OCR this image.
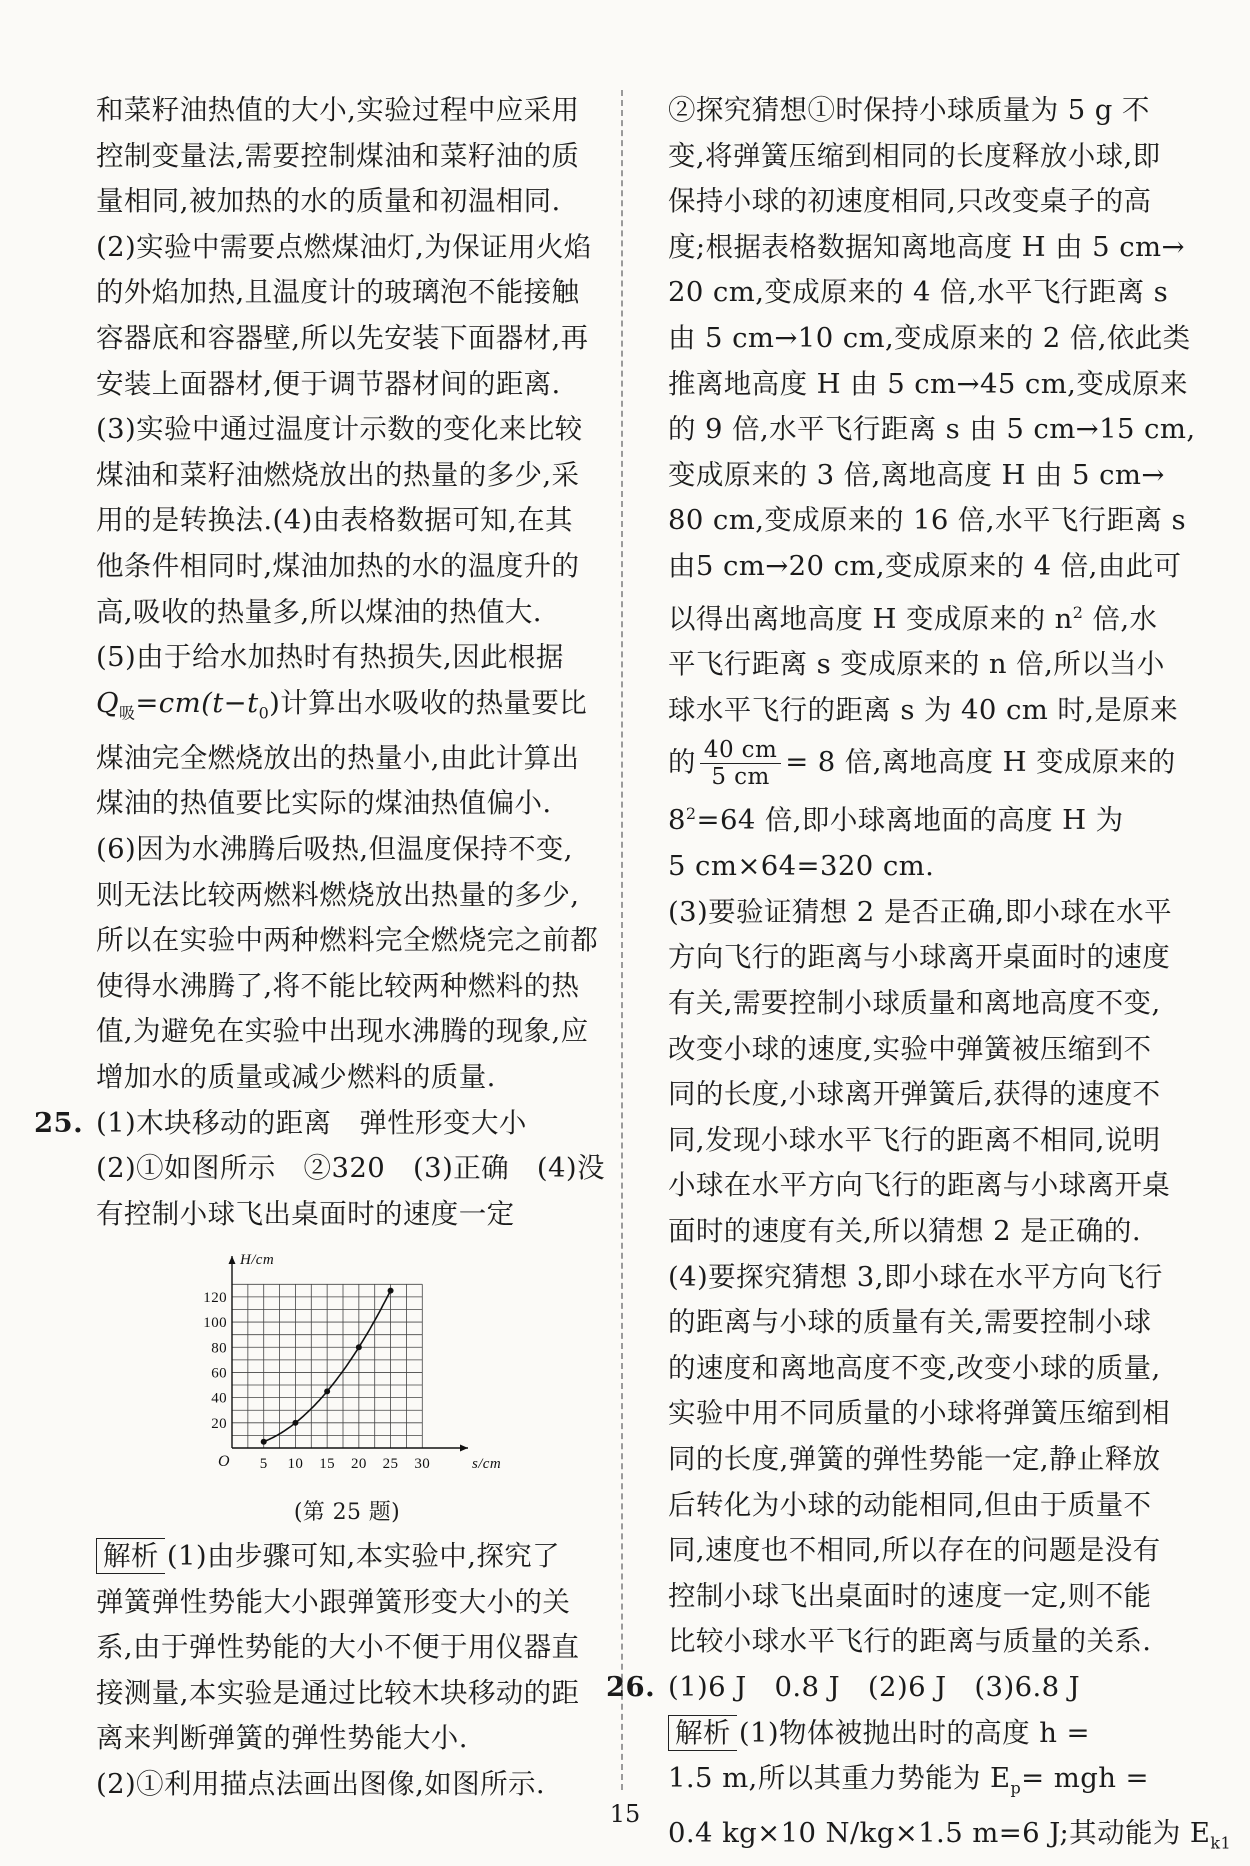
和菜籽油热值的大小,实验过程中应采用
控制变量法,需要控制煤油和菜籽油的质
量相同,被加热的水的质量和初温相同.
(2)实验中需要点燃煤油灯,为保证用火焰
的外焰加热,且温度计的玻璃泡不能接触
容器底和容器壁,所以先安装下面器材,再
安装上面器材,便于调节器材间的距离.
(3)实验中通过温度计示数的变化来比较
煤油和菜籽油燃烧放出的热量的多少,采
用的是转换法.(4)由表格数据可知,在其
他条件相同时,煤油加热的水的温度升的
高,吸收的热量多,所以煤油的热值大.
(5)由于给水加热时有热损失,因此根据
$Q_吸=cm(t-t_0)$计算出水吸收的热量要比
煤油完全燃烧放出的热量小,由此计算出
煤油的热值要比实际的煤油热值偏小.
(6)因为水沸腾后吸热,但温度保持不变,
则无法比较两燃料燃烧放出热量的多少,
所以在实验中两种燃料完全燃烧完之前都
使得水沸腾了,将不能比较两种燃料的热
值,为避免在实验中出现水沸腾的现象,应
增加水的质量或减少燃料的质量.
25. (1)木块移动的距离　弹性形变大小
(2)①如图所示　②320　(3)正确　(4)没
有控制小球飞出桌面时的速度一定
5 10 15 20 25 30
20
40
60
80
100
120
O	s/cm
H/cm
(第 25 题)
解析 (1)由步骤可知,本实验中,探究了
弹簧弹性势能大小跟弹簧形变大小的关
系,由于弹性势能的大小不便于用仪器直
接测量,本实验是通过比较木块移动的距
离来判断弹簧的弹性势能大小.
(2)①利用描点法画出图像,如图所示.
②探究猜想①时保持小球质量为 5 g 不
变,将弹簧压缩到相同的长度释放小球,即
保持小球的初速度相同,只改变桌子的高
度;根据表格数据知离地高度 H 由 5 cm→
20 cm,变成原来的 4 倍,水平飞行距离 s
由 5 cm→10 cm,变成原来的 2 倍,依此类
推离地高度 H 由 5 cm→45 cm,变成原来
的 9 倍,水平飞行距离 s 由 5 cm→15 cm,
变成原来的 3 倍,离地高度 H 由 5 cm→
80 cm,变成原来的 16 倍,水平飞行距离 s
由5 cm→20 cm,变成原来的 4 倍,由此可
以得出离地高度 H 变成原来的 $n^2$ 倍,水
平飞行距离 s 变成原来的 n 倍,所以当小
球水平飞行的距离 s 为 40 cm 时,是原来
的 $\frac{40 cm}{5 cm} = 8$ 倍,离地高度 H 变成原来的
$8^2=64$ 倍,即小球离地面的高度 H 为
5 cm×64=320 cm.
(3)要验证猜想 2 是否正确,即小球在水平
方向飞行的距离与小球离开桌面时的速度
有关,需要控制小球质量和离地高度不变,
改变小球的速度,实验中弹簧被压缩到不
同的长度,小球离开弹簧后,获得的速度不
同,发现小球水平飞行的距离不相同,说明
小球在水平方向飞行的距离与小球离开桌
面时的速度有关,所以猜想 2 是正确的.
(4)要探究猜想 3,即小球在水平方向飞行
的距离与小球的质量有关,需要控制小球
的速度和离地高度不变,改变小球的质量,
实验中用不同质量的小球将弹簧压缩到相
同的长度,弹簧的弹性势能一定,静止释放
后转化为小球的动能相同,但由于质量不
同,速度也不相同,所以存在的问题是没有
控制小球飞出桌面时的速度一定,则不能
比较小球水平飞行的距离与质量的关系.
26. (1)6 J　0.8 J　(2)6 J　(3)6.8 J
解析 (1)物体被抛出时的高度 h =
1.5 m,所以其重力势能为 $E_p=$ mgh =
0.4 kg×10 N/kg×1.5 m=6 J;其动能为 $E_{k1}$
15
